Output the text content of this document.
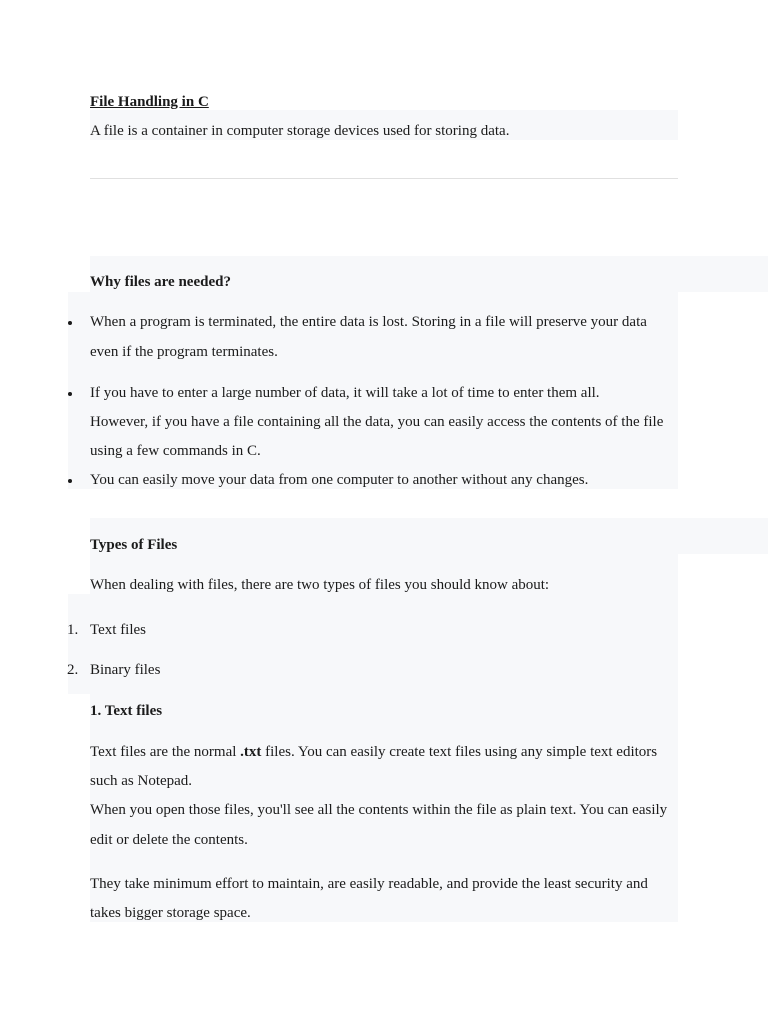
File Handling in C
A file is a container in computer storage devices used for storing data.
Why files are needed?
When a program is terminated, the entire data is lost. Storing in a file will preserve your data
even if the program terminates.
If you have to enter a large number of data, it will take a lot of time to enter them all.
However, if you have a file containing all the data, you can easily access the contents of the file
using a few commands in C.
You can easily move your data from one computer to another without any changes.
Types of Files
When dealing with files, there are two types of files you should know about:
1. Text files
2. Binary files
1. Text files
Text files are the normal .txt files. You can easily create text files using any simple text editors
such as Notepad.
When you open those files, you'll see all the contents within the file as plain text. You can easily
edit or delete the contents.
They take minimum effort to maintain, are easily readable, and provide the least security and
takes bigger storage space.
